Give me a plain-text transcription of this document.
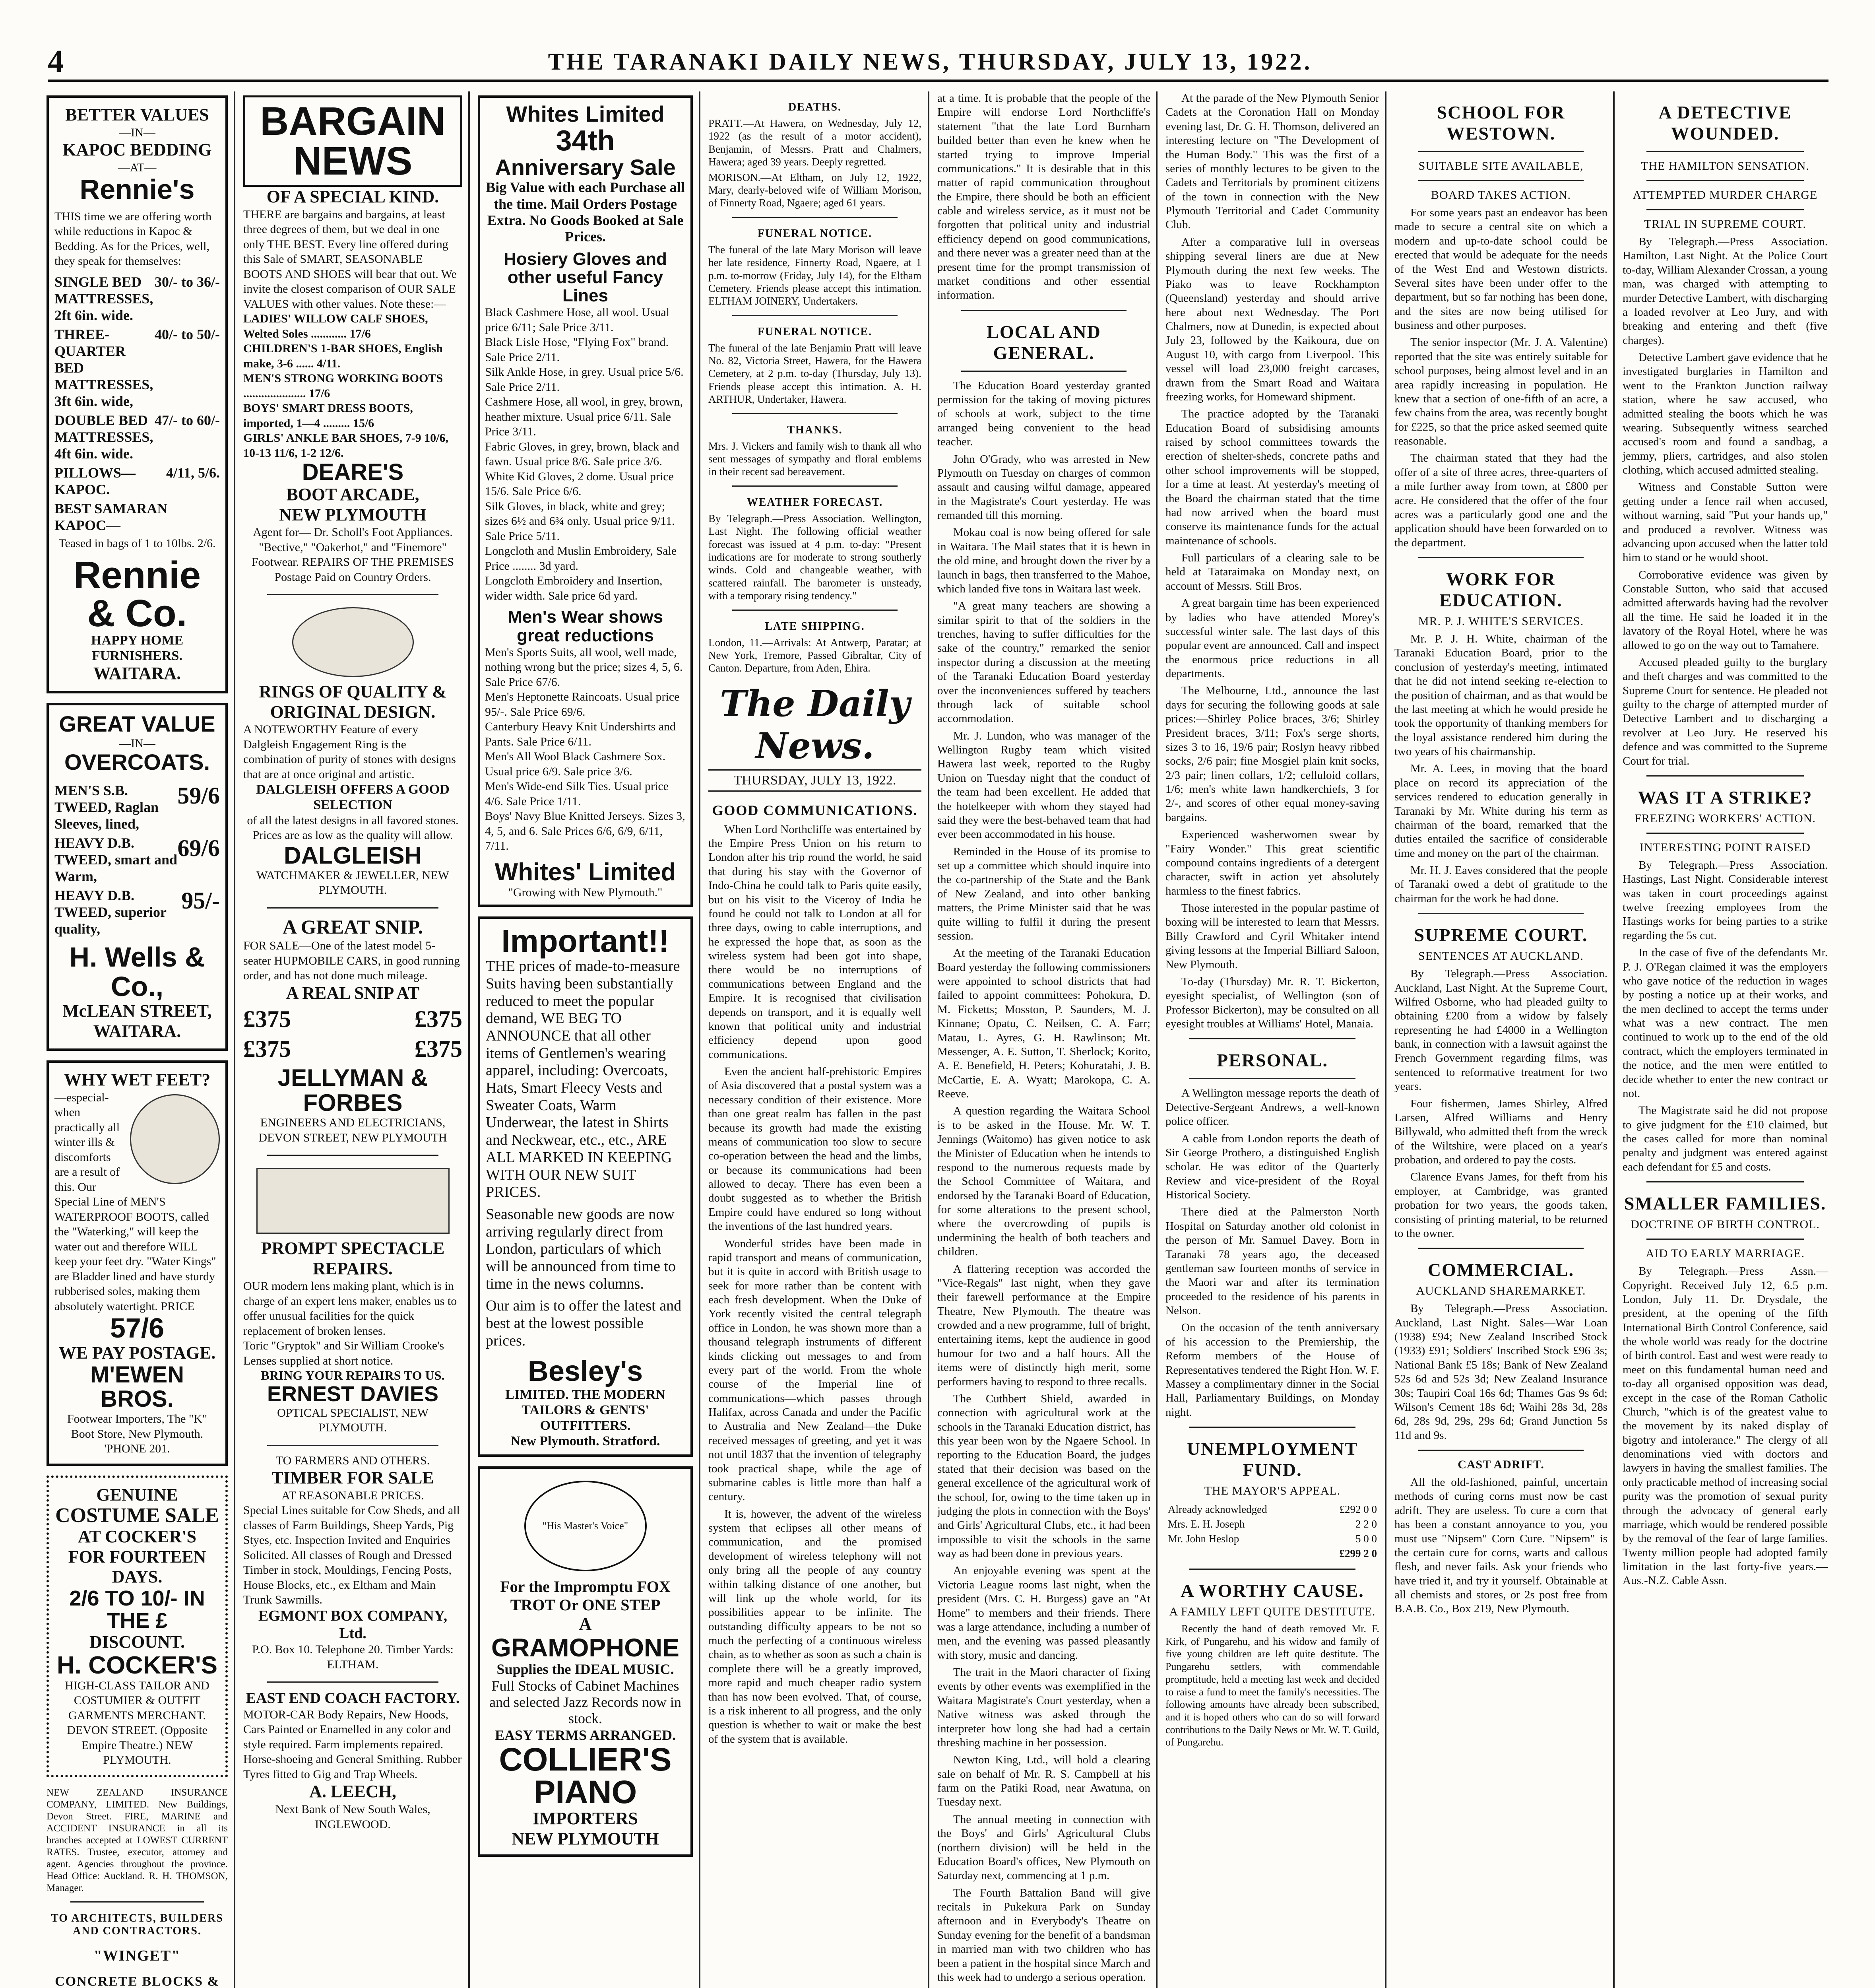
4	THE TARANAKI DAILY NEWS, THURSDAY, JULY 13, 1922.
BETTER VALUES
—IN—
KAPOC BEDDING
—AT—
Rennie's
THIS time we are offering worth while reductions in Kapoc & Bedding. As for the Prices, well, they speak for themselves:
SINGLE BED MATTRESSES, 2ft 6in. wide.
30/- to 36/-
THREE-QUARTER BED MATTRESSES, 3ft 6in. wide,
40/- to 50/-
DOUBLE BED MATTRESSES, 4ft 6in. wide.
47/- to 60/-
PILLOWS—KAPOC.
4/11, 5/6.
BEST SAMARAN KAPOC—
Teased in bags of 1 to 10lbs. 2/6.
Rennie & Co.
HAPPY HOME FURNISHERS.
WAITARA.
GREAT VALUE
—IN—
OVERCOATS.
MEN'S S.B. TWEED, Raglan Sleeves, lined,
59/6
HEAVY D.B. TWEED, smart and Warm,
69/6
HEAVY D.B. TWEED, superior quality,
95/-
H. Wells & Co.,
McLEAN STREET,
WAITARA.
WHY WET FEET?
—especial-when practically all winter ills & discomforts are a result of this. Our Special Line of MEN'S WATERPROOF BOOTS, called the "Waterking," will keep the water out and therefore WILL keep your feet dry. "Water Kings" are Bladder lined and have sturdy rubberised soles, making them absolutely watertight. PRICE
57/6
WE PAY POSTAGE.
M'EWEN BROS.
Footwear Importers, The "K" Boot Store, New Plymouth. 'PHONE 201.
GENUINE
COSTUME SALE
AT COCKER'S
FOR FOURTEEN DAYS.
2/6 TO 10/- IN THE £
DISCOUNT.
H. COCKER'S
HIGH-CLASS TAILOR AND COSTUMIER & OUTFIT GARMENTS MERCHANT. DEVON STREET. (Opposite Empire Theatre.) NEW PLYMOUTH.
NEW ZEALAND INSURANCE COMPANY, LIMITED. New Buildings, Devon Street. FIRE, MARINE and ACCIDENT INSURANCE in all its branches accepted at LOWEST CURRENT RATES. Trustee, executor, attorney and agent. Agencies throughout the province. Head Office: Auckland. R. H. THOMSON, Manager.
TO ARCHITECTS, BUILDERS AND CONTRACTORS.
"WINGET"
CONCRETE BLOCKS &
BARGAIN NEWS
OF A SPECIAL KIND.
THERE are bargains and bargains, at least three degrees of them, but we deal in one only THE BEST. Every line offered during this Sale of SMART, SEASONABLE BOOTS AND SHOES will bear that out. We invite the closest comparison of OUR SALE VALUES with other values. Note these:—
LADIES' WILLOW CALF SHOES, Welted Soles ............ 17/6
CHILDREN'S 1-BAR SHOES, English make, 3-6 ...... 4/11.
MEN'S STRONG WORKING BOOTS ..................... 17/6
BOYS' SMART DRESS BOOTS, imported, 1—4 ......... 15/6
GIRLS' ANKLE BAR SHOES, 7-9 10/6, 10-13 11/6, 1-2 12/6.
DEARE'S
BOOT ARCADE,
NEW PLYMOUTH
Agent for— Dr. Scholl's Foot Appliances. "Bective," "Oakerhot," and "Finemore" Footwear. REPAIRS OF THE PREMISES Postage Paid on Country Orders.
RINGS OF QUALITY & ORIGINAL DESIGN.
A NOTEWORTHY Feature of every Dalgleish Engagement Ring is the combination of purity of stones with designs that are at once original and artistic.
DALGLEISH OFFERS A GOOD SELECTION
of all the latest designs in all favored stones. Prices are as low as the quality will allow.
DALGLEISH
WATCHMAKER & JEWELLER, NEW PLYMOUTH.
A GREAT SNIP.
FOR SALE—One of the latest model 5-seater HUPMOBILE CARS, in good running order, and has not done much mileage.
A REAL SNIP AT
£375	£375
£375	£375
JELLYMAN & FORBES
ENGINEERS AND ELECTRICIANS, DEVON STREET, NEW PLYMOUTH
PROMPT SPECTACLE REPAIRS.
OUR modern lens making plant, which is in charge of an expert lens maker, enables us to offer unusual facilities for the quick replacement of broken lenses.
Toric "Gryptok" and Sir William Crooke's Lenses supplied at short notice.
BRING YOUR REPAIRS TO US.
ERNEST DAVIES
OPTICAL SPECIALIST, NEW PLYMOUTH.
TO FARMERS AND OTHERS.
TIMBER FOR SALE
AT REASONABLE PRICES.
Special Lines suitable for Cow Sheds, and all classes of Farm Buildings, Sheep Yards, Pig Styes, etc. Inspection Invited and Enquiries Solicited. All classes of Rough and Dressed Timber in stock, Mouldings, Fencing Posts, House Blocks, etc., ex Eltham and Main Trunk Sawmills.
EGMONT BOX COMPANY, Ltd.
P.O. Box 10. Telephone 20. Timber Yards: ELTHAM.
EAST END COACH FACTORY.
MOTOR-CAR Body Repairs, New Hoods, Cars Painted or Enamelled in any color and style required. Farm implements repaired. Horse-shoeing and General Smithing. Rubber Tyres fitted to Gig and Trap Wheels.
A. LEECH,
Next Bank of New South Wales, INGLEWOOD.
Whites Limited
34th
Anniversary Sale
Big Value with each Purchase all the time. Mail Orders Postage Extra. No Goods Booked at Sale Prices.
Hosiery Gloves and other useful Fancy Lines
Black Cashmere Hose, all wool. Usual price 6/11; Sale Price 3/11.
Black Lisle Hose, "Flying Fox" brand. Sale Price 2/11.
Silk Ankle Hose, in grey. Usual price 5/6. Sale Price 2/11.
Cashmere Hose, all wool, in grey, brown, heather mixture. Usual price 6/11. Sale Price 3/11.
Fabric Gloves, in grey, brown, black and fawn. Usual price 8/6. Sale price 3/6.
White Kid Gloves, 2 dome. Usual price 15/6. Sale Price 6/6.
Silk Gloves, in black, white and grey; sizes 6½ and 6¾ only. Usual price 9/11. Sale Price 5/11.
Longcloth and Muslin Embroidery, Sale Price ........ 3d yard.
Longcloth Embroidery and Insertion, wider width. Sale price 6d yard.
Men's Wear shows great reductions
Men's Sports Suits, all wool, well made, nothing wrong but the price; sizes 4, 5, 6. Sale Price 67/6.
Men's Heptonette Raincoats. Usual price 95/-. Sale Price 69/6.
Canterbury Heavy Knit Undershirts and Pants. Sale Price 6/11.
Men's All Wool Black Cashmere Sox. Usual price 6/9. Sale price 3/6.
Men's Wide-end Silk Ties. Usual price 4/6. Sale Price 1/11.
Boys' Navy Blue Knitted Jerseys. Sizes 3, 4, 5, and 6. Sale Prices 6/6, 6/9, 6/11, 7/11.
Whites' Limited
"Growing with New Plymouth."
Important!!
THE prices of made-to-measure Suits having been substantially reduced to meet the popular demand, WE BEG TO ANNOUNCE that all other items of Gentlemen's wearing apparel, including: Overcoats, Hats, Smart Fleecy Vests and Sweater Coats, Warm Underwear, the latest in Shirts and Neckwear, etc., etc., ARE ALL MARKED IN KEEPING WITH OUR NEW SUIT PRICES.
Seasonable new goods are now arriving regularly direct from London, particulars of which will be announced from time to time in the news columns.
Our aim is to offer the latest and best at the lowest possible prices.
Besley's
LIMITED. THE MODERN TAILORS & GENTS' OUTFITTERS.
New Plymouth. Stratford.
"His Master's Voice"
For the Impromptu FOX TROT Or ONE STEP
A
GRAMOPHONE
Supplies the IDEAL MUSIC.
Full Stocks of Cabinet Machines and selected Jazz Records now in stock.
EASY TERMS ARRANGED.
COLLIER'S PIANO
IMPORTERS
NEW PLYMOUTH
DEATHS.
PRATT.—At Hawera, on Wednesday, July 12, 1922 (as the result of a motor accident), Benjamin, of Messrs. Pratt and Chalmers, Hawera; aged 39 years. Deeply regretted.
MORISON.—At Eltham, on July 12, 1922, Mary, dearly-beloved wife of William Morison, of Finnerty Road, Ngaere; aged 61 years.
FUNERAL NOTICE.
The funeral of the late Mary Morison will leave her late residence, Finnerty Road, Ngaere, at 1 p.m. to-morrow (Friday, July 14), for the Eltham Cemetery. Friends please accept this intimation. ELTHAM JOINERY, Undertakers.
FUNERAL NOTICE.
The funeral of the late Benjamin Pratt will leave No. 82, Victoria Street, Hawera, for the Hawera Cemetery, at 2 p.m. to-day (Thursday, July 13). Friends please accept this intimation. A. H. ARTHUR, Undertaker, Hawera.
THANKS.
Mrs. J. Vickers and family wish to thank all who sent messages of sympathy and floral emblems in their recent sad bereavement.
WEATHER FORECAST.
By Telegraph.—Press Association. Wellington, Last Night. The following official weather forecast was issued at 4 p.m. to-day: "Present indications are for moderate to strong southerly winds. Cold and changeable weather, with scattered rainfall. The barometer is unsteady, with a temporary rising tendency."
LATE SHIPPING.
London, 11.—Arrivals: At Antwerp, Paratar; at New York, Tremore, Passed Gibraltar, City of Canton. Departure, from Aden, Ehira.
The Daily News.
THURSDAY, JULY 13, 1922.
GOOD COMMUNICATIONS.

When Lord Northcliffe was entertained by the Empire Press Union on his return to London after his trip round the world, he said that during his stay with the Governor of Indo-China he could talk to Paris quite easily, but on his visit to the Viceroy of India he found he could not talk to London at all for three days, owing to cable interruptions, and he expressed the hope that, as soon as the wireless system had been got into shape, there would be no interruptions of communications between England and the Empire. It is recognised that civilisation depends on transport, and it is equally well known that political unity and industrial efficiency depend upon good communications.

Even the ancient half-prehistoric Empires of Asia discovered that a postal system was a necessary condition of their existence. More than one great realm has fallen in the past because its growth had made the existing means of communication too slow to secure co-operation between the head and the limbs, or because its communications had been allowed to decay. There has even been a doubt suggested as to whether the British Empire could have endured so long without the inventions of the last hundred years.

Wonderful strides have been made in rapid transport and means of communication, but it is quite in accord with British usage to seek for more rather than be content with each fresh development. When the Duke of York recently visited the central telegraph office in London, he was shown more than a thousand telegraph instruments of different kinds clicking out messages to and from every part of the world. From the whole course of the Imperial line of communications—which passes through Halifax, across Canada and under the Pacific to Australia and New Zealand—the Duke received messages of greeting, and yet it was not until 1837 that the invention of telegraphy took practical shape, while the age of submarine cables is little more than half a century.

It is, however, the advent of the wireless system that eclipses all other means of communication, and the promised development of wireless telephony will not only bring all the people of any country within talking distance of one another, but will link up the whole world, for its possibilities appear to be infinite. The outstanding difficulty appears to be not so much the perfecting of a continuous wireless chain, as to whether as soon as such a chain is complete there will be a greatly improved, more rapid and much cheaper radio system than has now been evolved. That, of course, is a risk inherent to all progress, and the only question is whether to wait or make the best of the system that is available.

at a time. It is probable that the people of the Empire will endorse Lord Northcliffe's statement "that the late Lord Burnham builded better than even he knew when he started trying to improve Imperial communications." It is desirable that in this matter of rapid communication throughout the Empire, there should be both an efficient cable and wireless service, as it must not be forgotten that political unity and industrial efficiency depend on good communications, and there never was a greater need than at the present time for the prompt transmission of market conditions and other essential information.

LOCAL AND GENERAL.

The Education Board yesterday granted permission for the taking of moving pictures of schools at work, subject to the time arranged being convenient to the head teacher.

John O'Grady, who was arrested in New Plymouth on Tuesday on charges of common assault and causing wilful damage, appeared in the Magistrate's Court yesterday. He was remanded till this morning.

Mokau coal is now being offered for sale in Waitara. The Mail states that it is hewn in the old mine, and brought down the river by a launch in bags, then transferred to the Mahoe, which landed five tons in Waitara last week.

"A great many teachers are showing a similar spirit to that of the soldiers in the trenches, having to suffer difficulties for the sake of the country," remarked the senior inspector during a discussion at the meeting of the Taranaki Education Board yesterday over the inconveniences suffered by teachers through lack of suitable school accommodation.

Mr. J. Lundon, who was manager of the Wellington Rugby team which visited Hawera last week, reported to the Rugby Union on Tuesday night that the conduct of the team had been excellent. He added that the hotelkeeper with whom they stayed had said they were the best-behaved team that had ever been accommodated in his house.

Reminded in the House of its promise to set up a committee which should inquire into the co-partnership of the State and the Bank of New Zealand, and into other banking matters, the Prime Minister said that he was quite willing to fulfil it during the present session.

At the meeting of the Taranaki Education Board yesterday the following commissioners were appointed to school districts that had failed to appoint committees: Pohokura, D. M. Ficketts; Mosston, P. Saunders, M. J. Kinnane; Opatu, C. Neilsen, C. A. Farr; Matau, L. Ayres, G. H. Rawlinson; Mt. Messenger, A. E. Sutton, T. Sherlock; Korito, A. E. Benefield, H. Peters; Kohuratahi, J. B. McCartie, E. A. Wyatt; Marokopa, C. A. Reeve.

A question regarding the Waitara School is to be asked in the House. Mr. W. T. Jennings (Waitomo) has given notice to ask the Minister of Education when he intends to respond to the numerous requests made by the School Committee of Waitara, and endorsed by the Taranaki Board of Education, for some alterations to the present school, where the overcrowding of pupils is undermining the health of both teachers and children.

A flattering reception was accorded the "Vice-Regals" last night, when they gave their farewell performance at the Empire Theatre, New Plymouth. The theatre was crowded and a new programme, full of bright, entertaining items, kept the audience in good humour for two and a half hours. All the items were of distinctly high merit, some performers having to respond to three recalls.

The Cuthbert Shield, awarded in connection with agricultural work at the schools in the Taranaki Education district, has this year been won by the Ngaere School. In reporting to the Education Board, the judges stated that their decision was based on the general excellence of the agricultural work of the school, for, owing to the time taken up in judging the plots in connection with the Boys' and Girls' Agricultural Clubs, etc., it had been impossible to visit the schools in the same way as had been done in previous years.

An enjoyable evening was spent at the Victoria League rooms last night, when the president (Mrs. C. H. Burgess) gave an "At Home" to members and their friends. There was a large attendance, including a number of men, and the evening was passed pleasantly with story, music and dancing.

The trait in the Maori character of fixing events by other events was exemplified in the Waitara Magistrate's Court yesterday, when a Native witness was asked through the interpreter how long she had had a certain threshing machine in her possession.

Newton King, Ltd., will hold a clearing sale on behalf of Mr. R. S. Campbell at his farm on the Patiki Road, near Awatuna, on Tuesday next.

The annual meeting in connection with the Boys' and Girls' Agricultural Clubs (northern division) will be held in the Education Board's offices, New Plymouth on Saturday next, commencing at 1 p.m.

The Fourth Battalion Band will give recitals in Pukekura Park on Sunday afternoon and in Everybody's Theatre on Sunday evening for the benefit of a bandsman in married man with two children who has been a patient in the hospital since March and this week had to undergo a serious operation.

At the parade of the New Plymouth Senior Cadets at the Coronation Hall on Monday evening last, Dr. G. H. Thomson, delivered an interesting lecture on "The Development of the Human Body." This was the first of a series of monthly lectures to be given to the Cadets and Territorials by prominent citizens of the town in connection with the New Plymouth Territorial and Cadet Community Club.

After a comparative lull in overseas shipping several liners are due at New Plymouth during the next few weeks. The Piako was to leave Rockhampton (Queensland) yesterday and should arrive here about next Wednesday. The Port Chalmers, now at Dunedin, is expected about July 23, followed by the Kaikoura, due on August 10, with cargo from Liverpool. This vessel will load 23,000 freight carcases, drawn from the Smart Road and Waitara freezing works, for Homeward shipment.

The practice adopted by the Taranaki Education Board of subsidising amounts raised by school committees towards the erection of shelter-sheds, concrete paths and other school improvements will be stopped, for a time at least. At yesterday's meeting of the Board the chairman stated that the time had now arrived when the board must conserve its maintenance funds for the actual maintenance of schools.

Full particulars of a clearing sale to be held at Tataraimaka on Monday next, on account of Messrs. Still Bros.

A great bargain time has been experienced by ladies who have attended Morey's successful winter sale. The last days of this popular event are announced. Call and inspect the enormous price reductions in all departments.

The Melbourne, Ltd., announce the last days for securing the following goods at sale prices:—Shirley Police braces, 3/6; Shirley President braces, 3/11; Fox's serge shorts, sizes 3 to 16, 19/6 pair; Roslyn heavy ribbed socks, 2/6 pair; fine Mosgiel plain knit socks, 2/3 pair; linen collars, 1/2; celluloid collars, 1/6; men's white lawn handkerchiefs, 3 for 2/-, and scores of other equal money-saving bargains.

Experienced washerwomen swear by "Fairy Wonder." This great scientific compound contains ingredients of a detergent character, swift in action yet absolutely harmless to the finest fabrics.

Those interested in the popular pastime of boxing will be interested to learn that Messrs. Billy Crawford and Cyril Whitaker intend giving lessons at the Imperial Billiard Saloon, New Plymouth.

To-day (Thursday) Mr. R. T. Bickerton, eyesight specialist, of Wellington (son of Professor Bickerton), may be consulted on all eyesight troubles at Williams' Hotel, Manaia.

PERSONAL.

A Wellington message reports the death of Detective-Sergeant Andrews, a well-known police officer.

A cable from London reports the death of Sir George Prothero, a distinguished English scholar. He was editor of the Quarterly Review and vice-president of the Royal Historical Society.

There died at the Palmerston North Hospital on Saturday another old colonist in the person of Mr. Samuel Davey. Born in Taranaki 78 years ago, the deceased gentleman saw fourteen months of service in the Maori war and after its termination proceeded to the residence of his parents in Nelson.

On the occasion of the tenth anniversary of his accession to the Premiership, the Reform members of the House of Representatives tendered the Right Hon. W. F. Massey a complimentary dinner in the Social Hall, Parliamentary Buildings, on Monday night.

UNEMPLOYMENT FUND.
THE MAYOR'S APPEAL.
Already acknowledged	£292 0 0
Mrs. E. H. Joseph	2 2 0
Mr. John Heslop	5 0 0
	£299 2 0
A WORTHY CAUSE.
A FAMILY LEFT QUITE DESTITUTE.

Recently the hand of death removed Mr. F. Kirk, of Pungarehu, and his widow and family of five young children are left quite destitute. The Pungarehu settlers, with commendable promptitude, held a meeting last week and decided to raise a fund to meet the family's necessities. The following amounts have already been subscribed, and it is hoped others who can do so will forward contributions to the Daily News or Mr. W. T. Guild, of Pungarehu.

SCHOOL FOR WESTOWN.
SUITABLE SITE AVAILABLE,
BOARD TAKES ACTION.

For some years past an endeavor has been made to secure a central site on which a modern and up-to-date school could be erected that would be adequate for the needs of the West End and Westown districts. Several sites have been under offer to the department, but so far nothing has been done, and the sites are now being utilised for business and other purposes.

The senior inspector (Mr. J. A. Valentine) reported that the site was entirely suitable for school purposes, being almost level and in an area rapidly increasing in population. He knew that a section of one-fifth of an acre, a few chains from the area, was recently bought for £225, so that the price asked seemed quite reasonable.

The chairman stated that they had the offer of a site of three acres, three-quarters of a mile further away from town, at £800 per acre. He considered that the offer of the four acres was a particularly good one and the application should have been forwarded on to the department.

WORK FOR EDUCATION.
MR. P. J. WHITE'S SERVICES.

Mr. P. J. H. White, chairman of the Taranaki Education Board, prior to the conclusion of yesterday's meeting, intimated that he did not intend seeking re-election to the position of chairman, and as that would be the last meeting at which he would preside he took the opportunity of thanking members for the loyal assistance rendered him during the two years of his chairmanship.

Mr. A. Lees, in moving that the board place on record its appreciation of the services rendered to education generally in Taranaki by Mr. White during his term as chairman of the board, remarked that the duties entailed the sacrifice of considerable time and money on the part of the chairman.

Mr. H. J. Eaves considered that the people of Taranaki owed a debt of gratitude to the chairman for the work he had done.

SUPREME COURT.
SENTENCES AT AUCKLAND.

By Telegraph.—Press Association. Auckland, Last Night. At the Supreme Court, Wilfred Osborne, who had pleaded guilty to obtaining £200 from a widow by falsely representing he had £4000 in a Wellington bank, in connection with a lawsuit against the French Government regarding films, was sentenced to reformative treatment for two years.

Four fishermen, James Shirley, Alfred Larsen, Alfred Williams and Henry Billywald, who admitted theft from the wreck of the Wiltshire, were placed on a year's probation, and ordered to pay the costs.

Clarence Evans James, for theft from his employer, at Cambridge, was granted probation for two years, the goods taken, consisting of printing material, to be returned to the owner.

COMMERCIAL.
AUCKLAND SHAREMARKET.

By Telegraph.—Press Association. Auckland, Last Night. Sales—War Loan (1938) £94; New Zealand Inscribed Stock (1933) £91; Soldiers' Inscribed Stock £96 3s; National Bank £5 18s; Bank of New Zealand 52s 6d and 52s 3d; New Zealand Insurance 30s; Taupiri Coal 16s 6d; Thames Gas 9s 6d; Wilson's Cement 18s 6d; Waihi 28s 3d, 28s 6d, 28s 9d, 29s, 29s 6d; Grand Junction 5s 11d and 9s.

CAST ADRIFT.

All the old-fashioned, painful, uncertain methods of curing corns must now be cast adrift. They are useless. To cure a corn that has been a constant annoyance to you, you must use "Nipsem" Corn Cure. "Nipsem" is the certain cure for corns, warts and callous flesh, and never fails. Ask your friends who have tried it, and try it yourself. Obtainable at all chemists and stores, or 2s post free from B.A.B. Co., Box 219, New Plymouth.

A DETECTIVE WOUNDED.
THE HAMILTON SENSATION.
ATTEMPTED MURDER CHARGE
TRIAL IN SUPREME COURT.

By Telegraph.—Press Association. Hamilton, Last Night. At the Police Court to-day, William Alexander Crossan, a young man, was charged with attempting to murder Detective Lambert, with discharging a loaded revolver at Leo Jury, and with breaking and entering and theft (five charges).

Detective Lambert gave evidence that he investigated burglaries in Hamilton and went to the Frankton Junction railway station, where he saw accused, who admitted stealing the boots which he was wearing. Subsequently witness searched accused's room and found a sandbag, a jemmy, pliers, cartridges, and also stolen clothing, which accused admitted stealing.

Witness and Constable Sutton were getting under a fence rail when accused, without warning, said "Put your hands up," and produced a revolver. Witness was advancing upon accused when the latter told him to stand or he would shoot.

Corroborative evidence was given by Constable Sutton, who said that accused admitted afterwards having had the revolver all the time. He said he loaded it in the lavatory of the Royal Hotel, where he was allowed to go on the way out to Tamahere.

Accused pleaded guilty to the burglary and theft charges and was committed to the Supreme Court for sentence. He pleaded not guilty to the charge of attempted murder of Detective Lambert and to discharging a revolver at Leo Jury. He reserved his defence and was committed to the Supreme Court for trial.

WAS IT A STRIKE?
FREEZING WORKERS' ACTION.
INTERESTING POINT RAISED

By Telegraph.—Press Association. Hastings, Last Night. Considerable interest was taken in court proceedings against twelve freezing employees from the Hastings works for being parties to a strike regarding the 5s cut.

In the case of five of the defendants Mr. P. J. O'Regan claimed it was the employers who gave notice of the reduction in wages by posting a notice up at their works, and the men declined to accept the terms under what was a new contract. The men continued to work up to the end of the old contract, which the employers terminated in the notice, and the men were entitled to decide whether to enter the new contract or not.

The Magistrate said he did not propose to give judgment for the £10 claimed, but the cases called for more than nominal penalty and judgment was entered against each defendant for £5 and costs.

SMALLER FAMILIES.
DOCTRINE OF BIRTH CONTROL.
AID TO EARLY MARRIAGE.

By Telegraph.—Press Assn.—Copyright. Received July 12, 6.5 p.m. London, July 11. Dr. Drysdale, the president, at the opening of the fifth International Birth Control Conference, said the whole world was ready for the doctrine of birth control. East and west were ready to meet on this fundamental human need and to-day all organised opposition was dead, except in the case of the Roman Catholic Church, "which is of the greatest value to the movement by its naked display of bigotry and intolerance." The clergy of all denominations vied with doctors and lawyers in having the smallest families. The only practicable method of increasing social purity was the promotion of sexual purity through the advocacy of general early marriage, which would be rendered possible by the removal of the fear of large families. Twenty million people had adopted family limitation in the last forty-five years.—Aus.-N.Z. Cable Assn.
